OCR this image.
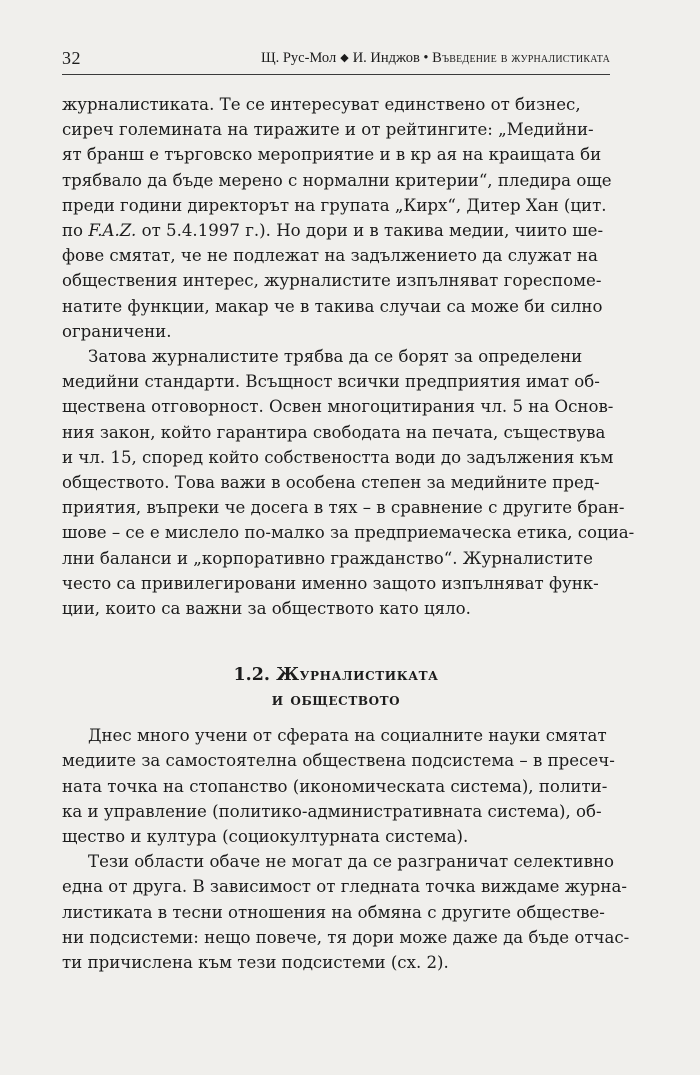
32	Щ. Рус-Мол ◆ И. Инджов • Въведение в журналистиката

журналистиката. Те се интересуват единствено от бизнес,
сиреч големината на тиражите и от рейтингите: „Медийни-
ят бранш е търговско мероприятие и в кр ая на краищата би
трябвало да бъде мерено с нормални критерии“, пледира още
преди години директорът на групата „Кирх“, Дитер Хан (цит.
по F.A.Z. от 5.4.1997 г.). Но дори и в такива медии, чиито ше-
фове смятат, че не подлежат на задължението да служат на
обществения интерес, журналистите изпълняват гореспоме-
натите функции, макар че в такива случаи са може би силно
ограничени.

Затова журналистите трябва да се борят за определени
медийни стандарти. Всъщност всички предприятия имат об-
ществена отговорност. Освен многоцитирания чл. 5 на Основ-
ния закон, който гарантира свободата на печата, съществува
и чл. 15, според който собствеността води до задължения към
обществото. Това важи в особена степен за медийните пред-
приятия, въпреки че досега в тях – в сравнение с другите бран-
шове – се е мислело по-малко за предприемаческа етика, социа-
лни баланси и „корпоративно гражданство“. Журналистите
често са привилегировани именно защото изпълняват функ-
ции, които са важни за обществото като цяло.

1.2. Журналистиката
и обществото

Днес много учени от сферата на социалните науки смятат
медиите за самостоятелна обществена подсистема – в пресеч-
ната точка на стопанство (икономическата система), полити-
ка и управление (политико-административната система), об-
щество и култура (социокултурната система).

Тези области обаче не могат да се разграничат селективно
една от друга. В зависимост от гледната точка виждаме журна-
листиката в тесни отношения на обмяна с другите обществе-
ни подсистеми: нещо повече, тя дори може даже да бъде отчас-
ти причислена към тези подсистеми (сх. 2).
